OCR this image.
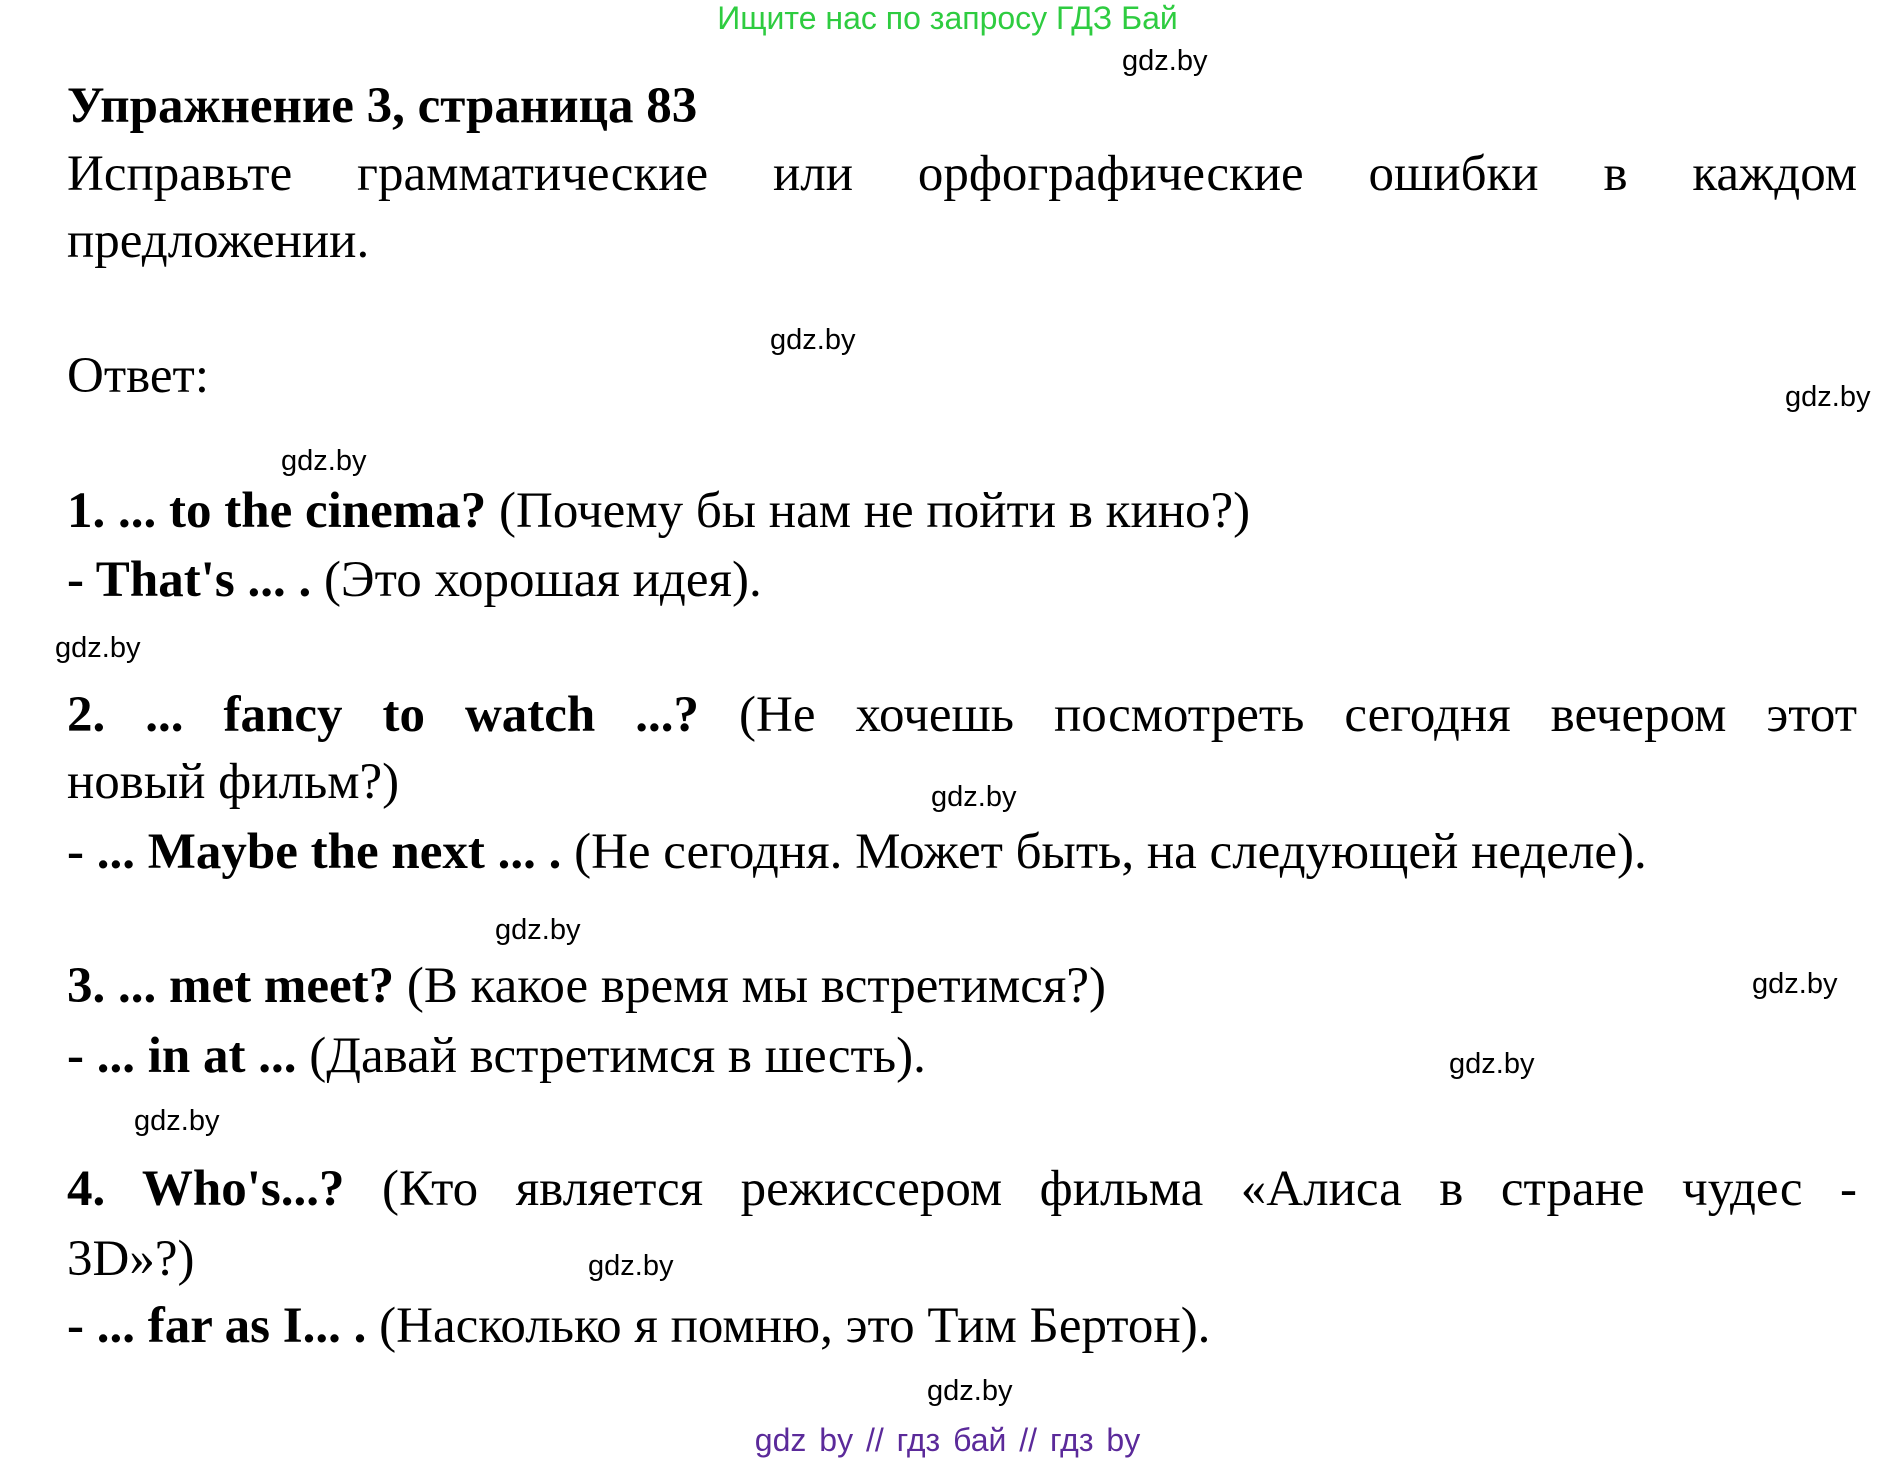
Ищите нас по запросу ГДЗ Бай
Упражнение 3, страница 83
Исправьте грамматические или орфографические ошибки в каждом
предложении.
Ответ:
1. ... to the cinema? (Почему бы нам не пойти в кино?)
- That's ... . (Это хорошая идея).
2. ... fancy to watch ...? (Не хочешь посмотреть сегодня вечером этот
новый фильм?)
- ... Maybe the next ... . (Не сегодня. Может быть, на следующей неделе).
3. ... met meet? (В какое время мы встретимся?)
- ... in at ... (Давай встретимся в шесть).
4. Who's...? (Кто является режиссером фильма «Алиса в стране чудес -
3D»?)
- ... far as I... . (Насколько я помню, это Тим Бертон).
gdz.by
gdz.by
gdz.by
gdz.by
gdz.by
gdz.by
gdz.by
gdz.by
gdz.by
gdz.by
gdz.by
gdz.by
gdz by // гдз бай // гдз by
